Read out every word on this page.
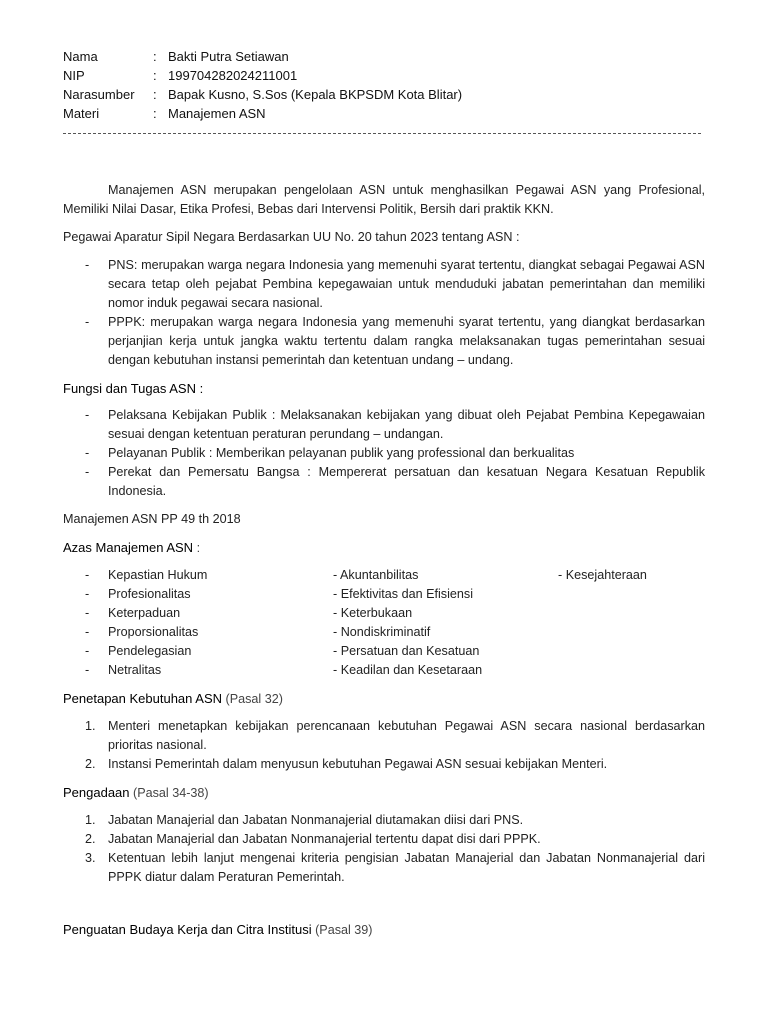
Nama	: Bakti Putra Setiawan
NIP	: 199704282024211001
Narasumber	: Bapak Kusno, S.Sos (Kepala BKPSDM Kota Blitar)
Materi	: Manajemen ASN

Manajemen ASN merupakan pengelolaan ASN untuk menghasilkan Pegawai ASN yang Profesional, Memiliki Nilai Dasar, Etika Profesi, Bebas dari Intervensi Politik, Bersih dari praktik KKN.

Pegawai Aparatur Sipil Negara Berdasarkan UU No. 20 tahun 2023 tentang ASN :

-	PNS: merupakan warga negara Indonesia yang memenuhi syarat tertentu, diangkat sebagai Pegawai ASN secara tetap oleh pejabat Pembina kepegawaian untuk menduduki jabatan pemerintahan dan memiliki nomor induk pegawai secara nasional.
-	PPPK: merupakan warga negara Indonesia yang memenuhi syarat tertentu, yang diangkat berdasarkan perjanjian kerja untuk jangka waktu tertentu dalam rangka melaksanakan tugas pemerintahan sesuai dengan kebutuhan instansi pemerintah dan ketentuan undang – undang.
Fungsi dan Tugas ASN :
-	Pelaksana Kebijakan Publik : Melaksanakan kebijakan yang dibuat oleh Pejabat Pembina Kepegawaian sesuai dengan ketentuan peraturan perundang – undangan.
-	Pelayanan Publik : Memberikan pelayanan publik yang professional dan berkualitas
-	Perekat dan Pemersatu Bangsa : Mempererat persatuan dan kesatuan Negara Kesatuan Republik Indonesia.

Manajemen ASN PP 49 th 2018

Azas Manajemen ASN :
-	Kepastian Hukum	- Akuntanbilitas	- Kesejahteraan
-	Profesionalitas	- Efektivitas dan Efisiensi
-	Keterpaduan	- Keterbukaan
-	Proporsionalitas	- Nondiskriminatif
-	Pendelegasian	- Persatuan dan Kesatuan
-	Netralitas	- Keadilan dan Kesetaraan
Penetapan Kebutuhan ASN (Pasal 32)
1. Menteri menetapkan kebijakan perencanaan kebutuhan Pegawai ASN secara nasional berdasarkan prioritas nasional.
2. Instansi Pemerintah dalam menyusun kebutuhan Pegawai ASN sesuai kebijakan Menteri.
Pengadaan (Pasal 34-38)
1. Jabatan Manajerial dan Jabatan Nonmanajerial diutamakan diisi dari PNS.
2. Jabatan Manajerial dan Jabatan Nonmanajerial tertentu dapat disi dari PPPK.
3. Ketentuan lebih lanjut mengenai kriteria pengisian Jabatan Manajerial dan Jabatan Nonmanajerial dari PPPK diatur dalam Peraturan Pemerintah.
Penguatan Budaya Kerja dan Citra Institusi (Pasal 39)
